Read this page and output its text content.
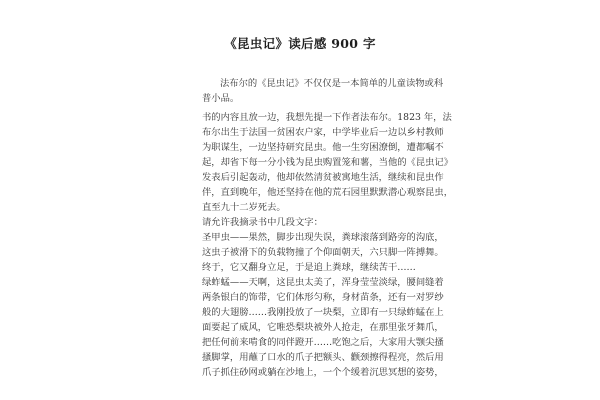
《昆虫记》读后感 900 字
法布尔的《昆虫记》不仅仅是一本简单的儿童读物或科
普小品。
书的内容且放一边，我想先提一下作者法布尔。1823 年，法
布尔出生于法国一贫困农户家，中学毕业后一边以乡村教师
为职谋生，一边坚持研究昆虫。他一生穷困潦倒，遭都嘱不
起，却省下每一分小钱为昆虫购置笼和薯，当他的《昆虫记》
发表后引起轰动，他却依然清贫被寓地生活，继续和昆虫作
伴，直到晚年，他还坚持在他的荒石园里默默潜心观察昆虫，
直至九十二岁死去。
请允许我摘录书中几段文字：
圣甲虫——果然，脚步出现失误，粪球滚落到路旁的沟底，
这虫子被滑下的负载物撞了个仰面朝天，六只脚一阵搏舞。
终于，它又翻身立足，于是追上粪球，继续苦干……
绿蚱蜢——天啊，这昆虫太美了，浑身莹莹淡绿，腰间缝着
两条银白的饰带，它们体形匀称，身材苗条，还有一对罗纱
般的大翅膀……我刚投放了一块梨，立即有一只绿蚱蜢在上
面要起了威风，它唯恐梨块被外人抢走，在那里张牙舞爪，
把任何前来啃食的同伴蹬开……吃饱之后，大家用大颚尖搔
搔脚掌，用蘸了口水的爪子把额头、颧颈擦得程亮，然后用
爪子抓住砂网或躺在沙地上，一个个缓着沉思冥想的姿势，
